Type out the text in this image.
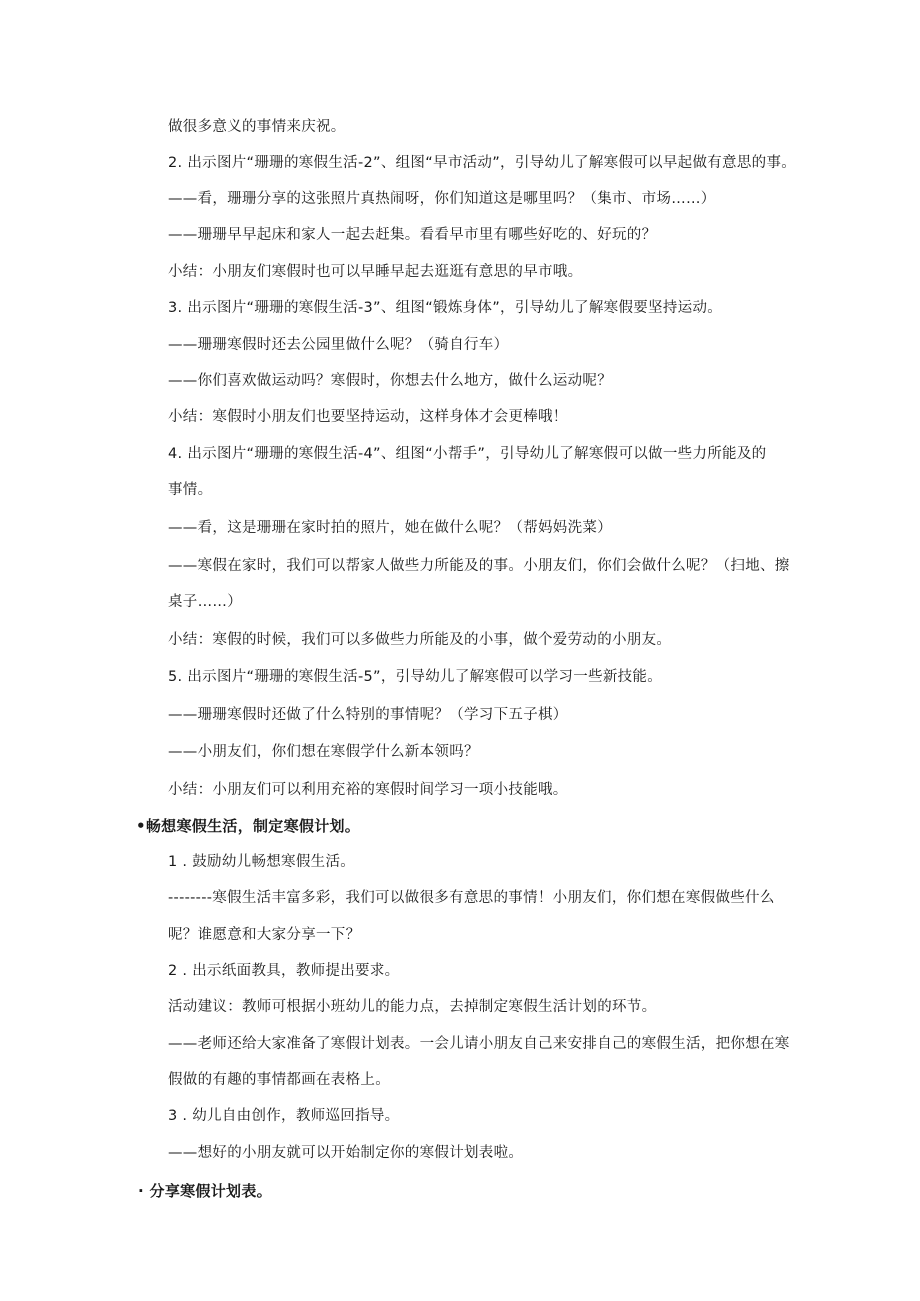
做很多意义的事情来庆祝。
2. 出示图片“珊珊的寒假生活-2”、组图“早市活动”，引导幼儿了解寒假可以早起做有意思的事。
——看，珊珊分享的这张照片真热闹呀，你们知道这是哪里吗？（集市、市场……）
——珊珊早早起床和家人一起去赶集。看看早市里有哪些好吃的、好玩的？
小结：小朋友们寒假时也可以早睡早起去逛逛有意思的早市哦。
3. 出示图片“珊珊的寒假生活-3”、组图“锻炼身体”，引导幼儿了解寒假要坚持运动。
——珊珊寒假时还去公园里做什么呢？（骑自行车）
——你们喜欢做运动吗？寒假时，你想去什么地方，做什么运动呢？
小结：寒假时小朋友们也要坚持运动，这样身体才会更棒哦！
4. 出示图片“珊珊的寒假生活-4”、组图“小帮手”，引导幼儿了解寒假可以做一些力所能及的
事情。
——看，这是珊珊在家时拍的照片，她在做什么呢？（帮妈妈洗菜）
——寒假在家时，我们可以帮家人做些力所能及的事。小朋友们，你们会做什么呢？（扫地、擦
桌子……）
小结：寒假的时候，我们可以多做些力所能及的小事，做个爱劳动的小朋友。
5. 出示图片“珊珊的寒假生活-5”，引导幼儿了解寒假可以学习一些新技能。
——珊珊寒假时还做了什么特别的事情呢？（学习下五子棋）
——小朋友们，你们想在寒假学什么新本领吗？
小结：小朋友们可以利用充裕的寒假时间学习一项小技能哦。
•畅想寒假生活，制定寒假计划。
1 . 鼓励幼儿畅想寒假生活。
--------寒假生活丰富多彩，我们可以做很多有意思的事情！小朋友们，你们想在寒假做些什么
呢？谁愿意和大家分享一下？
2 . 出示纸面教具，教师提出要求。
活动建议：教师可根据小班幼儿的能力点，去掉制定寒假生活计划的环节。
——老师还给大家准备了寒假计划表。一会儿请小朋友自己来安排自己的寒假生活，把你想在寒
假做的有趣的事情都画在表格上。
3 . 幼儿自由创作，教师巡回指导。
——想好的小朋友就可以开始制定你的寒假计划表啦。
· 分享寒假计划表。
